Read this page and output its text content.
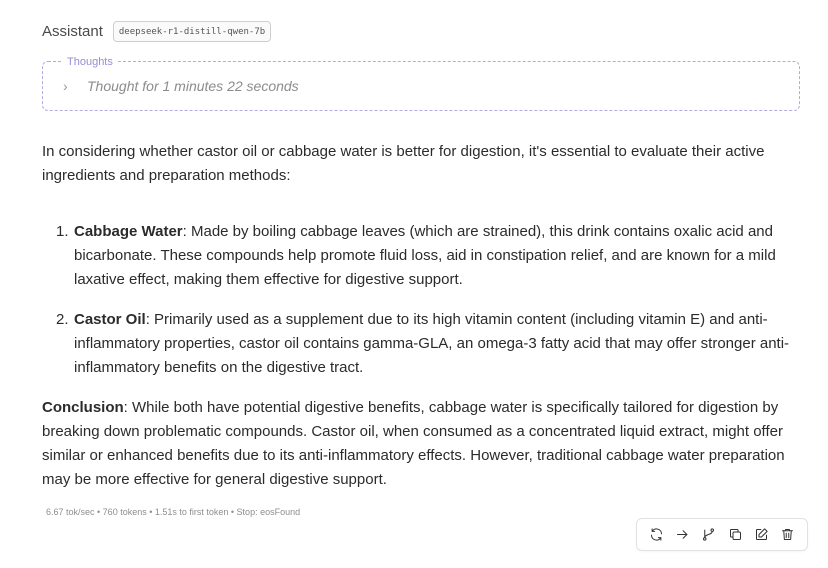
Assistant	deepseek-r1-distill-qwen-7b
Thoughts
›	Thought for 1 minutes 22 seconds

In considering whether castor oil or cabbage water is better for digestion, it's essential to evaluate their active ingredients and preparation methods:

1. Cabbage Water: Made by boiling cabbage leaves (which are strained), this drink contains oxalic acid and bicarbonate. These compounds help promote fluid loss, aid in constipation relief, and are known for a mild laxative effect, making them effective for digestive support.
2. Castor Oil: Primarily used as a supplement due to its high vitamin content (including vitamin E) and anti-inflammatory properties, castor oil contains gamma-GLA, an omega-3 fatty acid that may offer stronger anti-inflammatory benefits on the digestive tract.

Conclusion: While both have potential digestive benefits, cabbage water is specifically tailored for digestion by breaking down problematic compounds. Castor oil, when consumed as a concentrated liquid extract, might offer similar or enhanced benefits due to its anti-inflammatory effects. However, traditional cabbage water preparation may be more effective for general digestive support.

6.67 tok/sec • 760 tokens • 1.51s to first token • Stop: eosFound
